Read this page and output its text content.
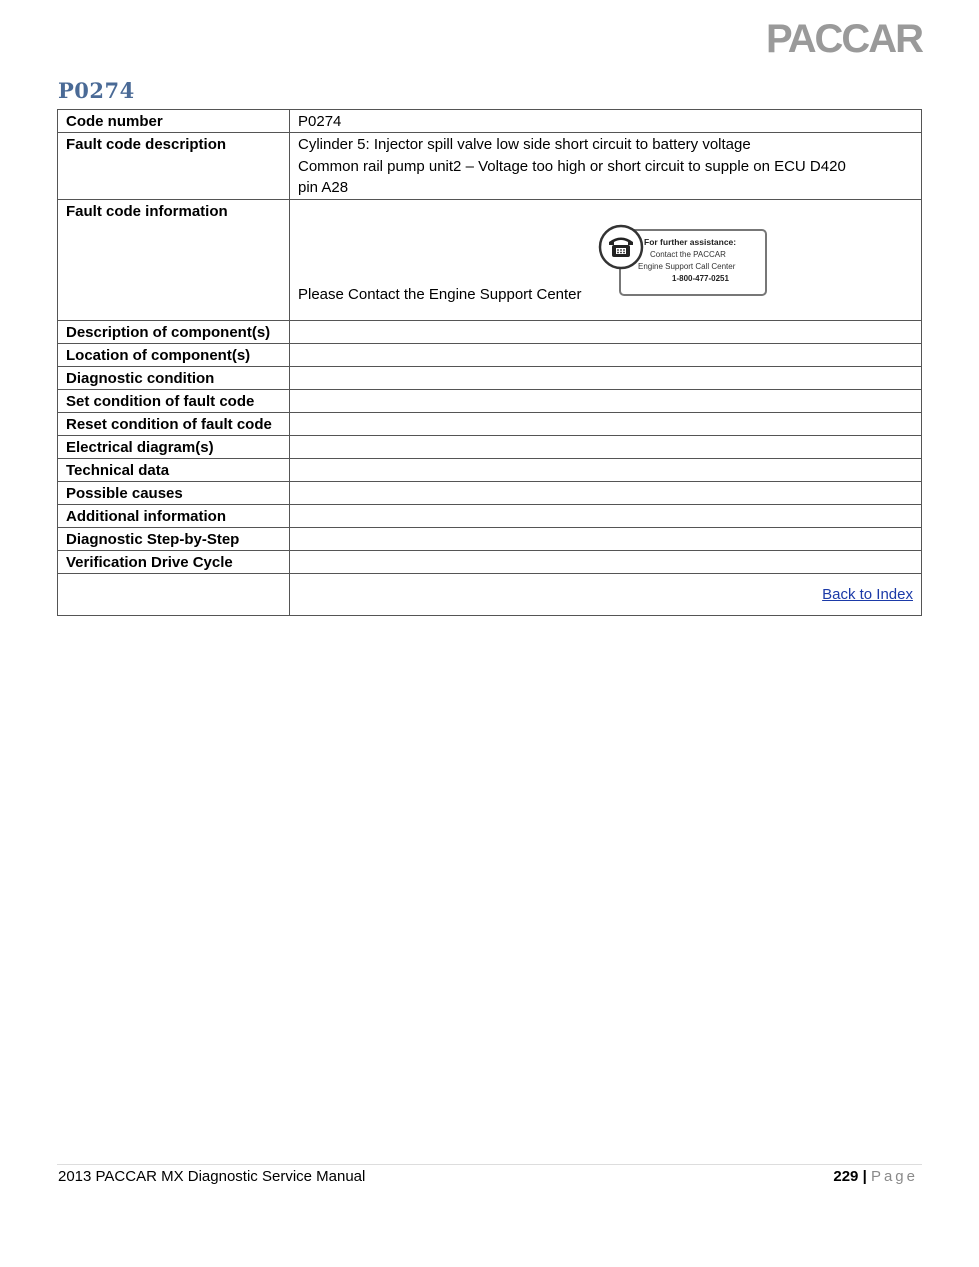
PACCAR
P0274
Code number	P0274
Fault code description	Cylinder 5: Injector spill valve low side short circuit to battery voltage
Common rail pump unit2 – Voltage too high or short circuit to supple on ECU D420
pin A28

Fault code information	Please Contact the Engine Support Center
For further assistance:
Contact the PACCAR
Engine Support Call Center
1-800-477-0251

Description of component(s)	
Location of component(s)	
Diagnostic condition	
Set condition of fault code	
Reset condition of fault code	
Electrical diagram(s)	
Technical data	
Possible causes	
Additional information	
Diagnostic Step-by-Step	
Verification Drive Cycle	
	Back to Index
2013 PACCAR MX Diagnostic Service Manual	229 | Page
